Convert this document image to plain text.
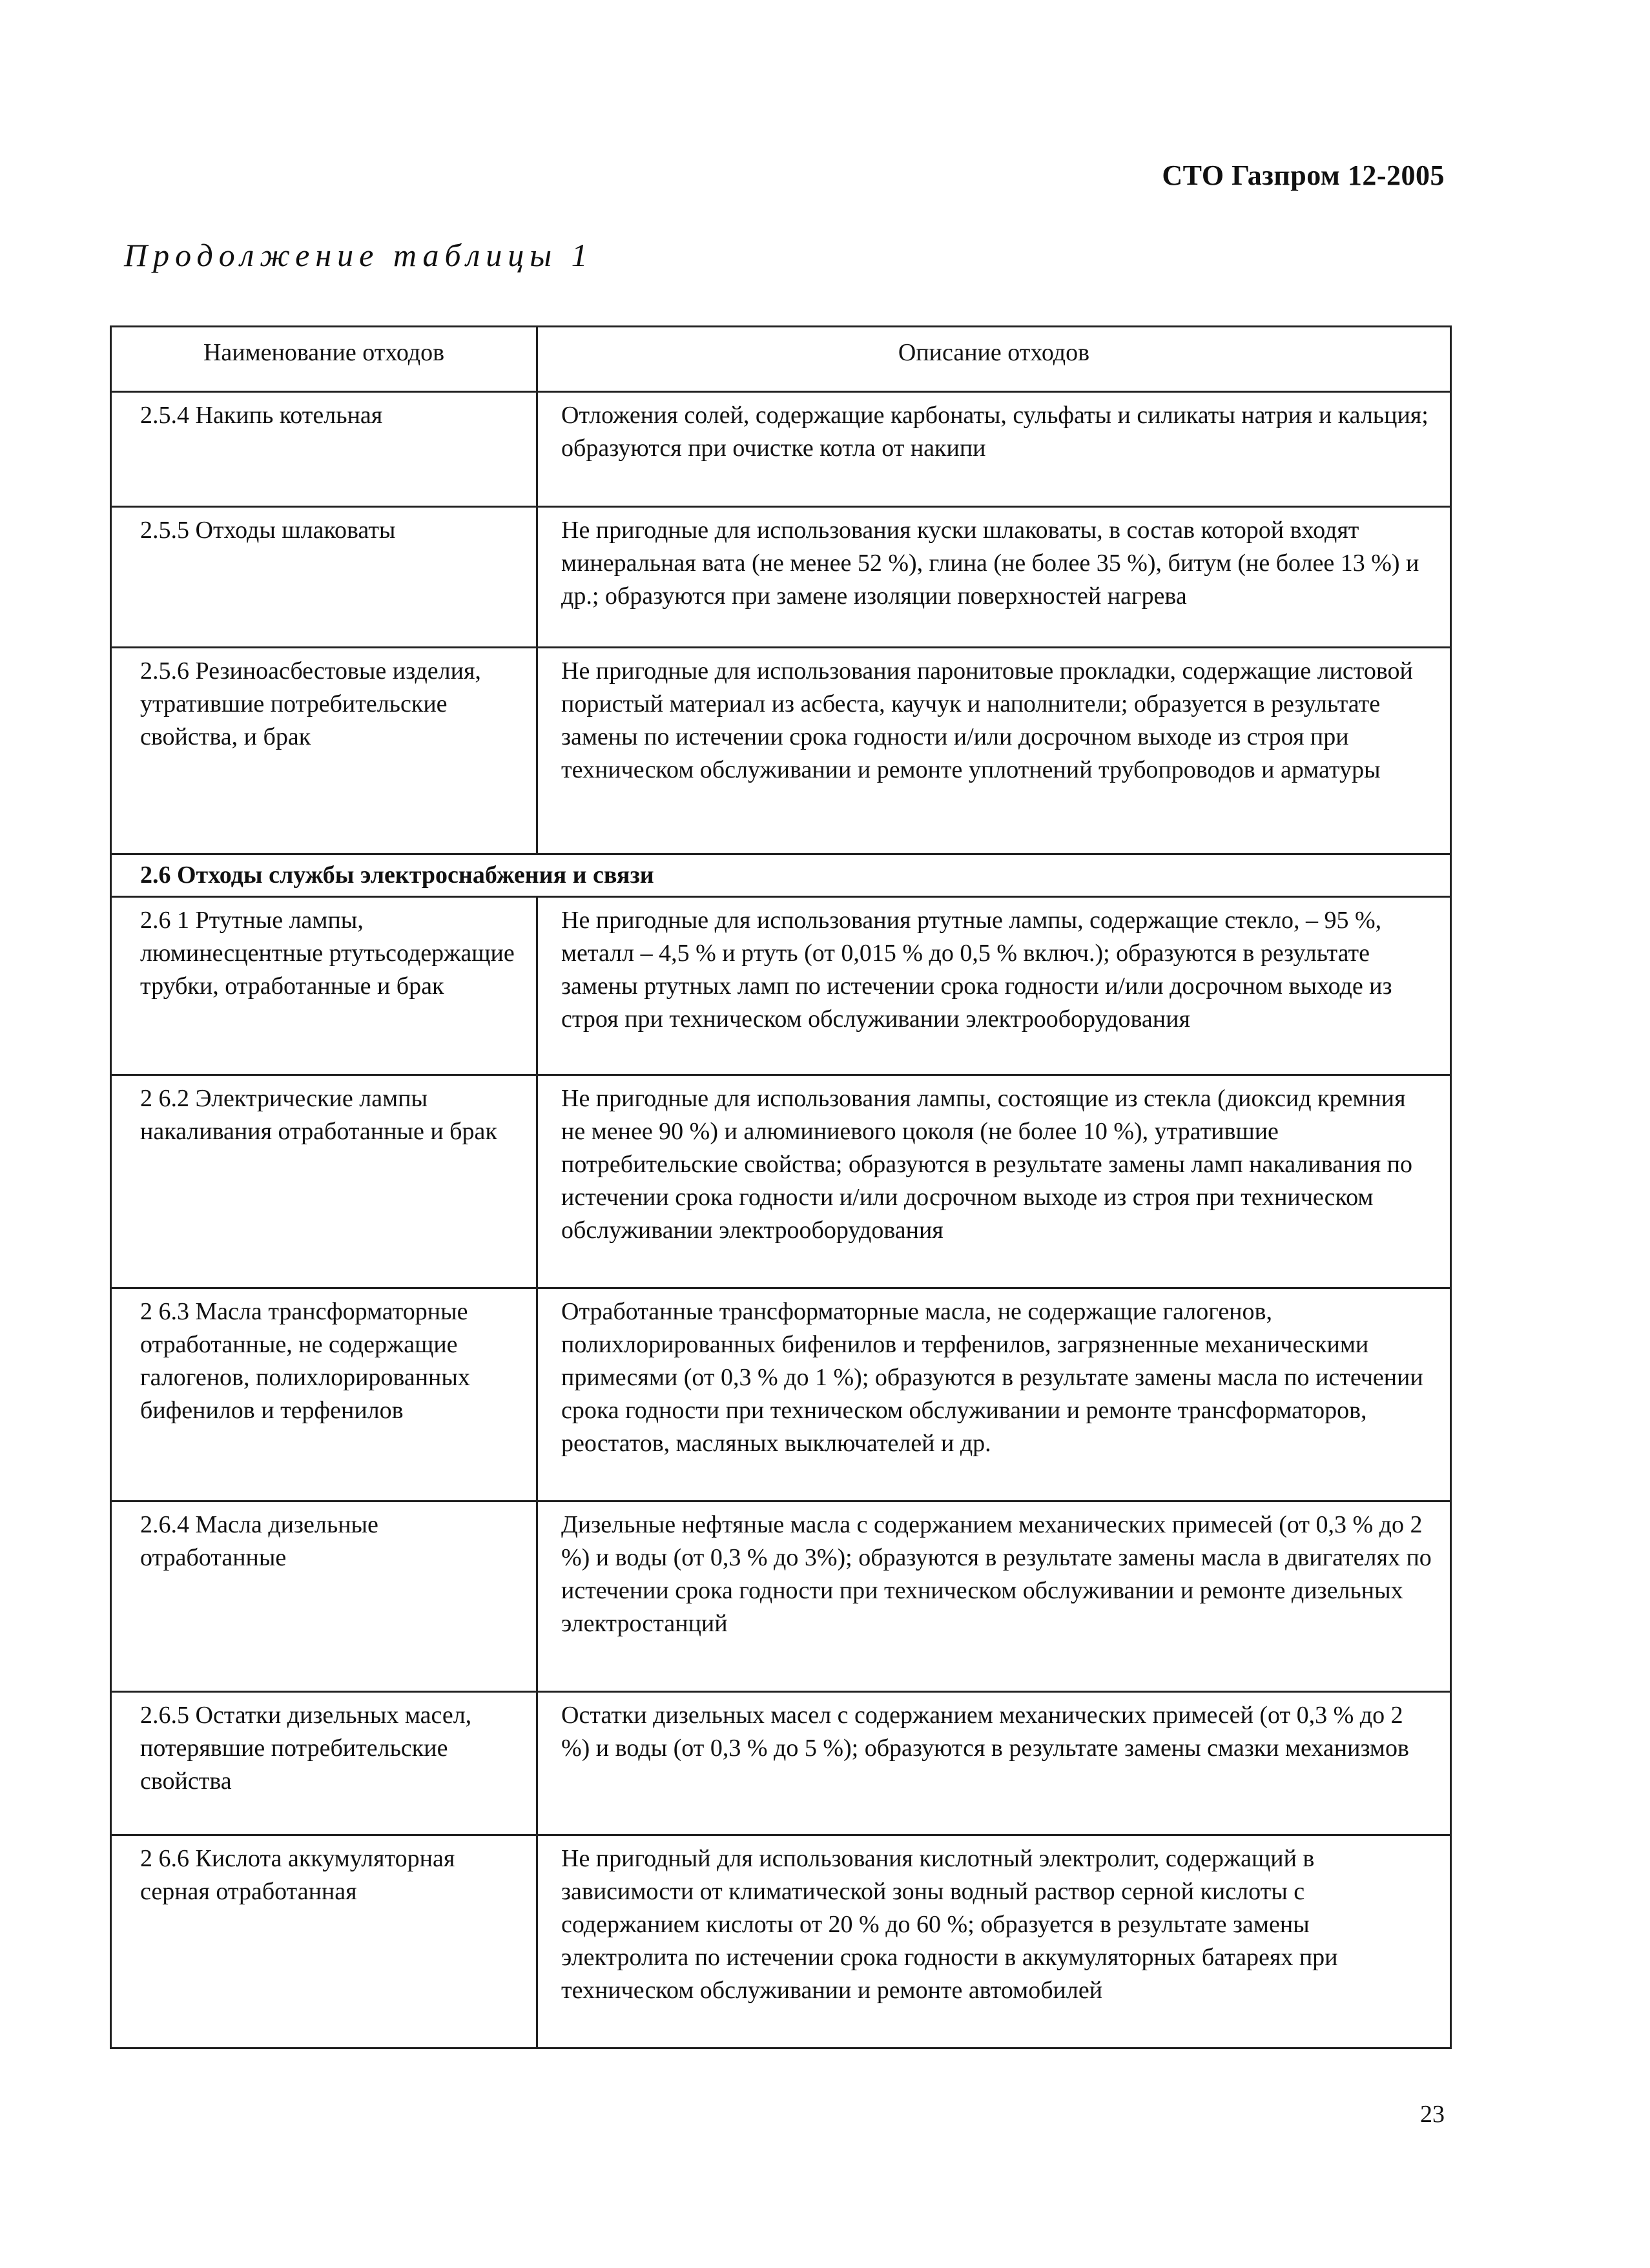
СТО Газпром 12-2005

Продолжение таблицы 1

Наименование отходов	Описание отходов

2.5.4 Накипь котельная	Отложения солей, содержащие карбонаты, сульфаты и силикаты натрия и кальция; образуются при очистке котла от накипи

2.5.5 Отходы шлаковаты	Не пригодные для использования куски шлаковаты, в состав которой входят минеральная вата (не менее 52 %), глина (не более 35 %), битум (не более 13 %) и др.; образуются при замене изоляции поверхностей нагрева

2.5.6 Резиноасбестовые изделия, утратившие потребительские свойства, и брак	Не пригодные для использования паронитовые прокладки, содержащие листовой пористый материал из асбеста, каучук и наполнители; образуется в результате замены по истечении срока годности и/или досрочном выходе из строя при техническом обслуживании и ремонте уплотнений трубопроводов и арматуры
2.6 Отходы службы электроснабжения и связи	

2.6 1 Ртутные лампы, люминесцентные ртутьсодержащие трубки, отработанные и брак	Не пригодные для использования ртутные лампы, содержащие стекло, – 95 %, металл – 4,5 % и ртуть (от 0,015 % до 0,5 % включ.); образуются в результате замены ртутных ламп по истечении срока годности и/или досрочном выходе из строя при техническом обслуживании электрооборудования

2 6.2 Электрические лампы накаливания отработанные и брак	Не пригодные для использования лампы, состоящие из стекла (диоксид кремния не менее 90 %) и алюминиевого цоколя (не более 10 %), утратившие потребительские свойства; образуются в результате замены ламп накаливания по истечении срока годности и/или досрочном выходе из строя при техническом обслуживании электрооборудования

2 6.3 Масла трансформаторные отработанные, не содержащие галогенов, полихлорированных бифенилов и терфенилов	Отработанные трансформаторные масла, не содержащие галогенов, полихлорированных бифенилов и терфенилов, загрязненные механическими примесями (от 0,3 % до 1 %); образуются в результате замены масла по истечении срока годности при техническом обслуживании и ремонте трансформаторов, реостатов, масляных выключателей и др.

2.6.4 Масла дизельные отработанные	Дизельные нефтяные масла с содержанием механических примесей (от 0,3 % до 2 %) и воды (от 0,3 % до 3%); образуются в результате замены масла в двигателях по истечении срока годности при техническом обслуживании и ремонте дизельных электростанций

2.6.5 Остатки дизельных масел, потерявшие потребительские свойства	Остатки дизельных масел с содержанием механических примесей (от 0,3 % до 2 %) и воды (от 0,3 % до 5 %); образуются в результате замены смазки механизмов

2 6.6 Кислота аккумуляторная серная отработанная	Не пригодный для использования кислотный электролит, содержащий в зависимости от климатической зоны водный раствор серной кислоты с содержанием кислоты от 20 % до 60 %; образуется в результате замены электролита по истечении срока годности в аккумуляторных батареях при техническом обслуживании и ремонте автомобилей

23
